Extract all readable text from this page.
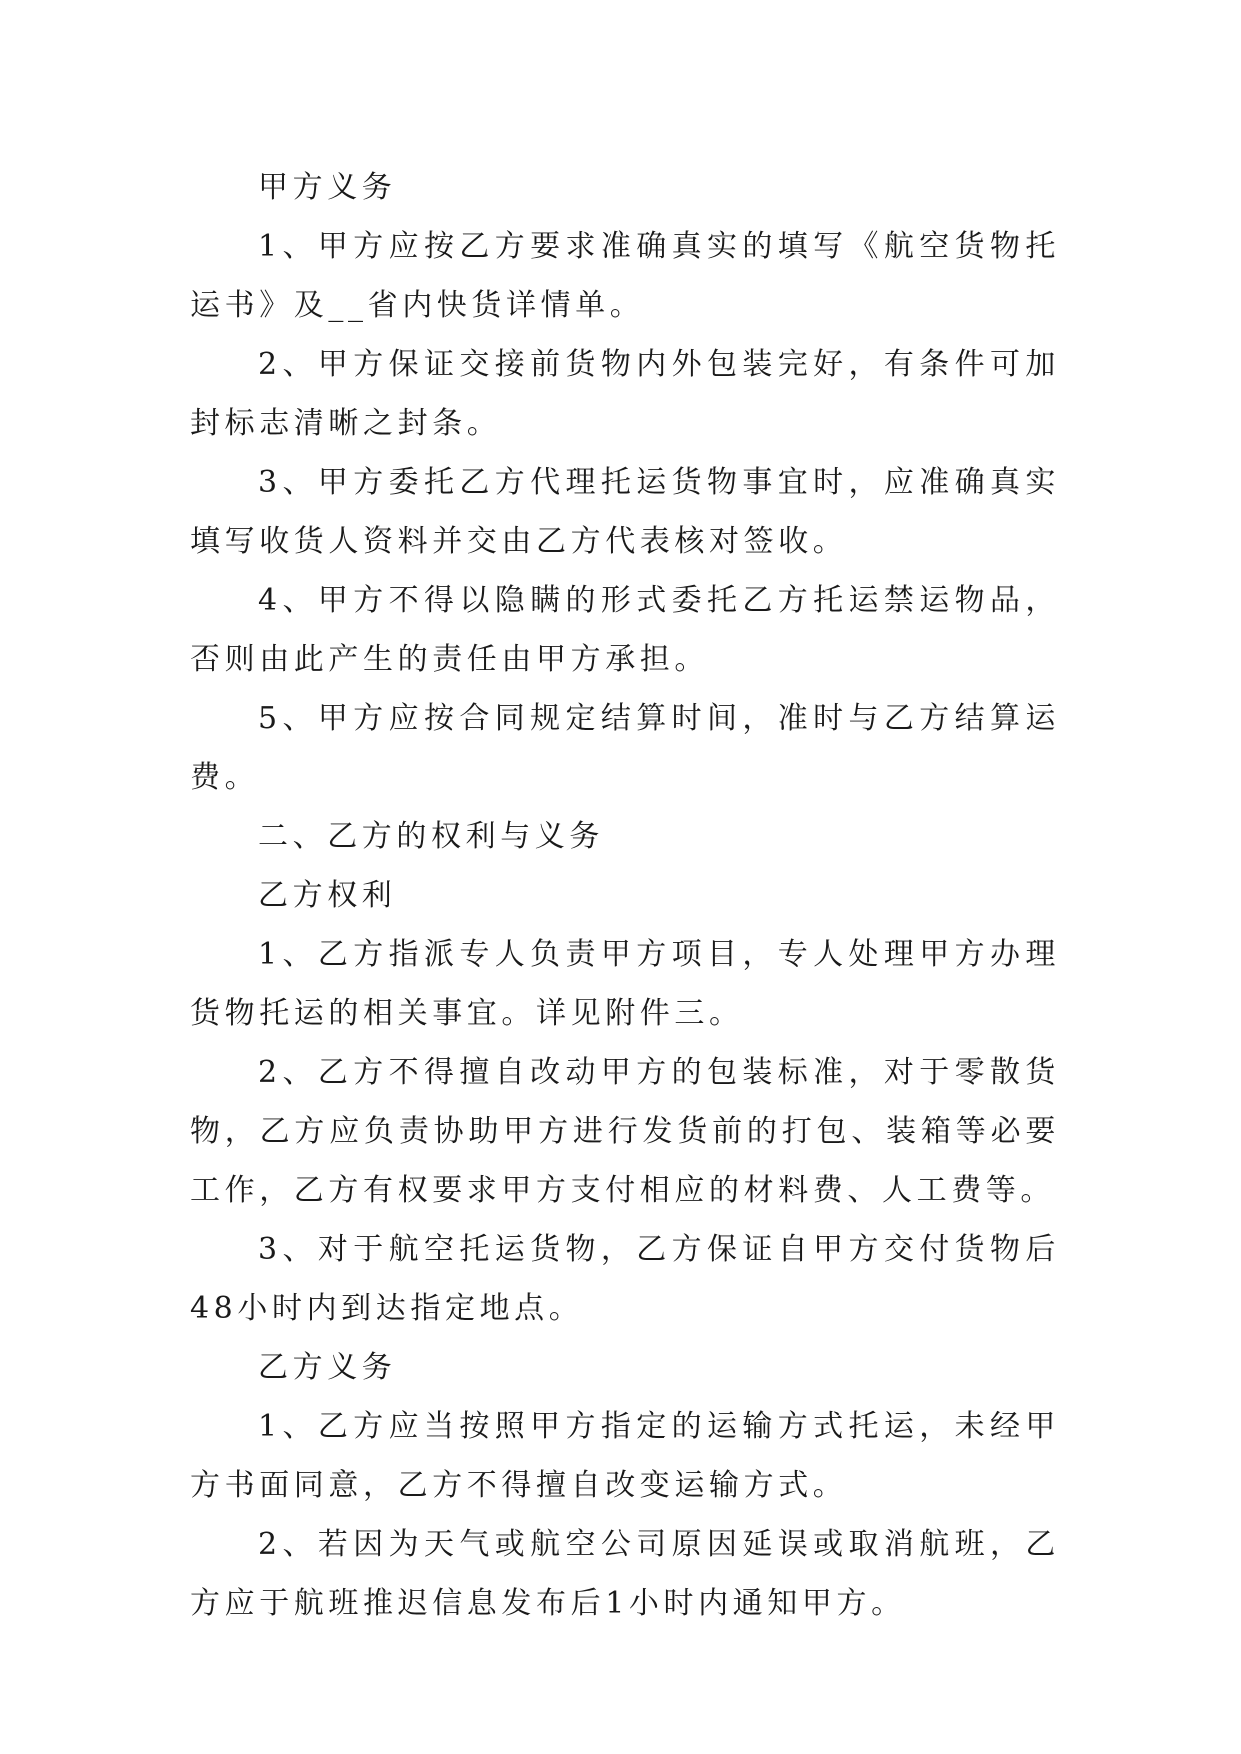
甲方义务

1、甲方应按乙方要求准确真实的填写《航空货物托运书》及__省内快货详情单。

2、甲方保证交接前货物内外包装完好，有条件可加封标志清晰之封条。

3、甲方委托乙方代理托运货物事宜时，应准确真实填写收货人资料并交由乙方代表核对签收。

4、甲方不得以隐瞒的形式委托乙方托运禁运物品，否则由此产生的责任由甲方承担。

5、甲方应按合同规定结算时间，准时与乙方结算运费。

二、乙方的权利与义务

乙方权利

1、乙方指派专人负责甲方项目，专人处理甲方办理货物托运的相关事宜。详见附件三。

2、乙方不得擅自改动甲方的包装标准，对于零散货物，乙方应负责协助甲方进行发货前的打包、装箱等必要工作，乙方有权要求甲方支付相应的材料费、人工费等。

3、对于航空托运货物，乙方保证自甲方交付货物后48小时内到达指定地点。

乙方义务

1、乙方应当按照甲方指定的运输方式托运，未经甲方书面同意，乙方不得擅自改变运输方式。

2、若因为天气或航空公司原因延误或取消航班，乙方应于航班推迟信息发布后1小时内通知甲方。
